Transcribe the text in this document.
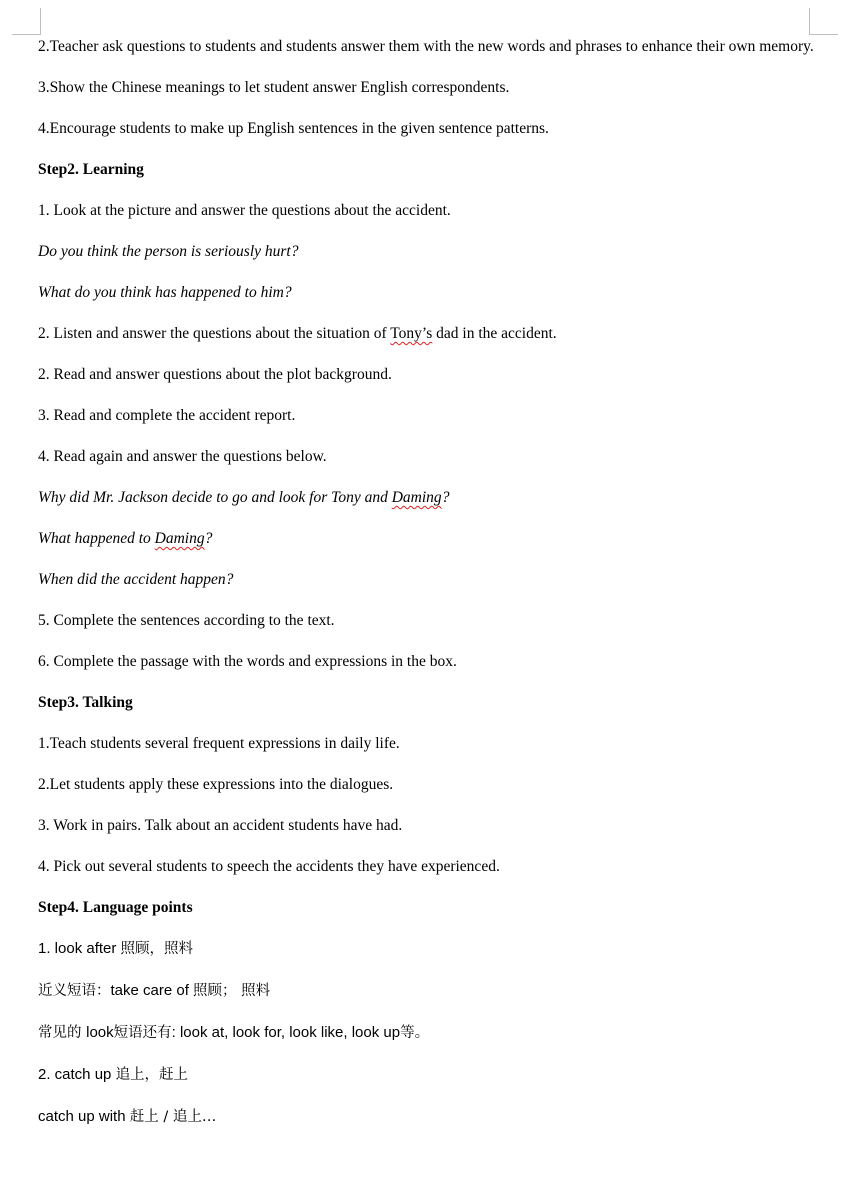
2.Teacher ask questions to students and students answer them with the new words and phrases to enhance their own memory.

3.Show the Chinese meanings to let student answer English correspondents.

4.Encourage students to make up English sentences in the given sentence patterns.

Step2. Learning

1. Look at the picture and answer the questions about the accident.

Do you think the person is seriously hurt?

What do you think has happened to him?

2. Listen and answer the questions about the situation of Tony’s dad in the accident.

2. Read and answer questions about the plot background.

3. Read and complete the accident report.

4. Read again and answer the questions below.

Why did Mr. Jackson decide to go and look for Tony and Daming?

What happened to Daming?

When did the accident happen?

5. Complete the sentences according to the text.

6. Complete the passage with the words and expressions in the box.

Step3. Talking

1.Teach students several frequent expressions in daily life.

2.Let students apply these expressions into the dialogues.

3. Work in pairs. Talk about an accident students have had.

4. Pick out several students to speech the accidents they have experienced.

Step4. Language points

1. look after 照顾，照料

近义短语：take care of 照顾； 照料

常见的 look短语还有: look at, look for, look like, look up等。

2. catch up 追上，赶上

catch up with 赶上 / 追上…
